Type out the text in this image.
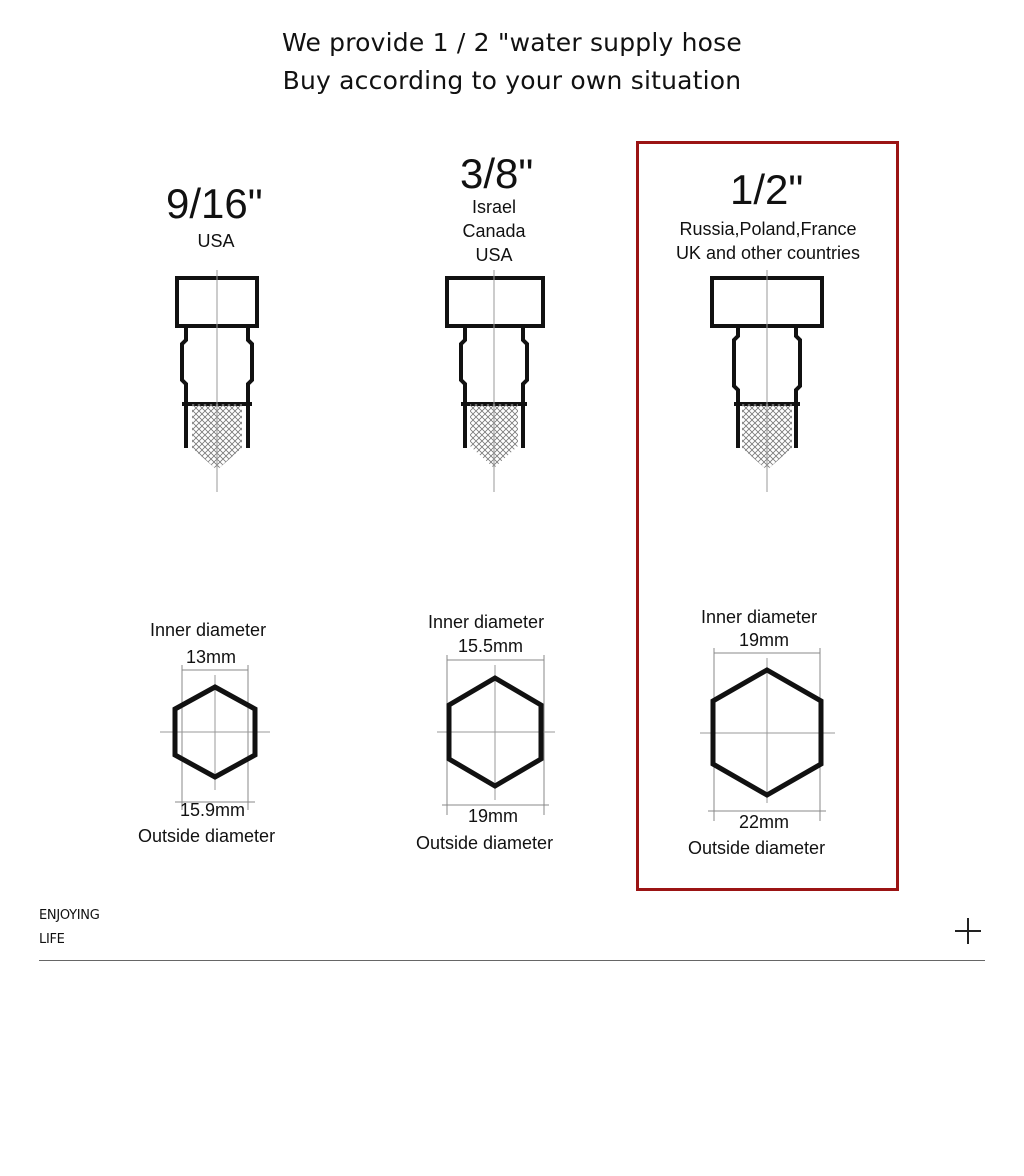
We provide 1 / 2 "water supply hose
Buy according to your own situation
9/16"
USA
Inner diameter
13mm
15.9mm
Outside diameter
3/8"
Israel
Canada
USA
Inner diameter
15.5mm
19mm
Outside diameter
1/2"
Russia,Poland,France
UK and other countries
Inner diameter
19mm
22mm
Outside diameter
ENJOYING
LIFE
